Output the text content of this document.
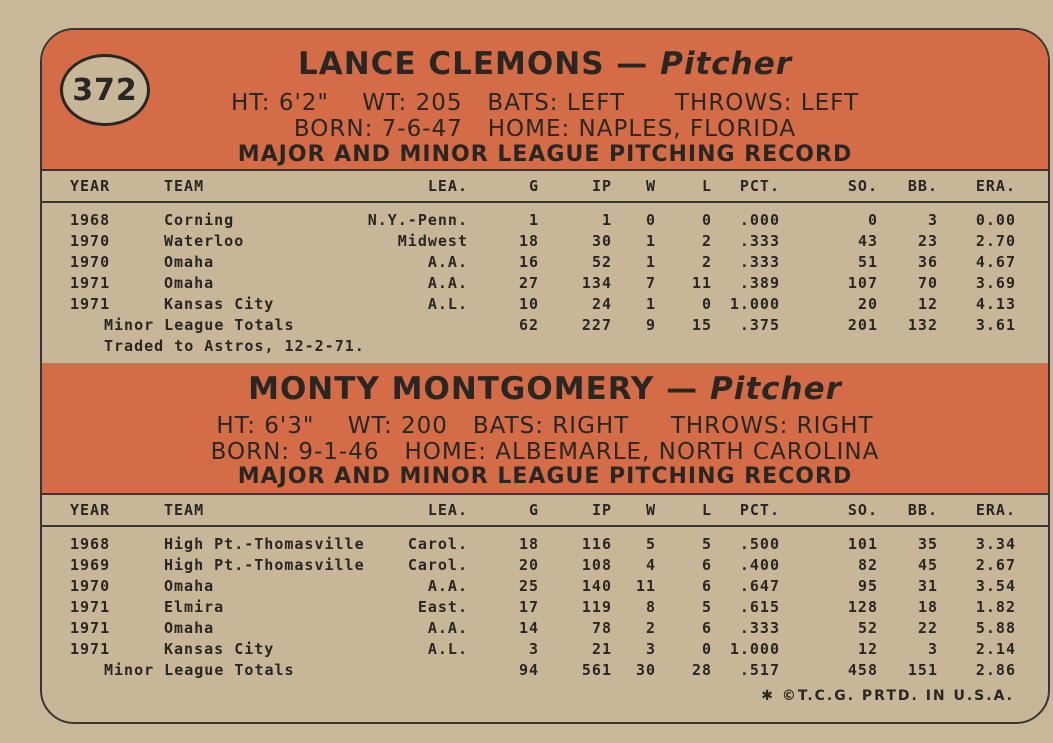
372
LANCE CLEMONS — Pitcher
HT: 6'2" WT: 205 BATS: LEFT THROWS: LEFT
BORN: 7-6-47 HOME: NAPLES, FLORIDA
MAJOR AND MINOR LEAGUE PITCHING RECORD
YEAR	TEAM	LEA.	G	IP W	L PCT.	SO. BB.	ERA.
1968	Corning	N.Y.-Penn.	1	1 0	0 .000	0	3	0.00
1970	Waterloo	Midwest	18	30 1	2 .333	43	23	2.70
1970	Omaha	A.A.	16	52 1	2 .333	51	36	4.67
1971	Omaha	A.A.	27	134 7 11 .389	107	70	3.69
1971	Kansas City	A.L.	10	24 1	0 1.000	20	12	4.13
Minor League Totals	62	227 9 15 .375	201 132	3.61
Traded to Astros, 12-2-71.
MONTY MONTGOMERY — Pitcher
HT: 6'3" WT: 200 BATS: RIGHT THROWS: RIGHT
BORN: 9-1-46 HOME: ALBEMARLE, NORTH CAROLINA
MAJOR AND MINOR LEAGUE PITCHING RECORD
YEAR	TEAM	LEA.	G	IP W	L PCT.	SO. BB.	ERA.
1968	High Pt.-Thomasville	Carol.	18	116 5	5 .500	101	35	3.34
1969	High Pt.-Thomasville	Carol.	20	108 4	6 .400	82	45	2.67
1970	Omaha	A.A.	25	140 11	6 .647	95	31	3.54
1971	Elmira	East.	17	119 8	5 .615	128	18	1.82
1971	Omaha	A.A.	14	78 2	6 .333	52	22	5.88
1971	Kansas City	A.L.	3	21 3	0 1.000	12	3	2.14
Minor League Totals	94	561 30 28 .517	458 151	2.86
✱ ©T.C.G. PRTD. IN U.S.A.
